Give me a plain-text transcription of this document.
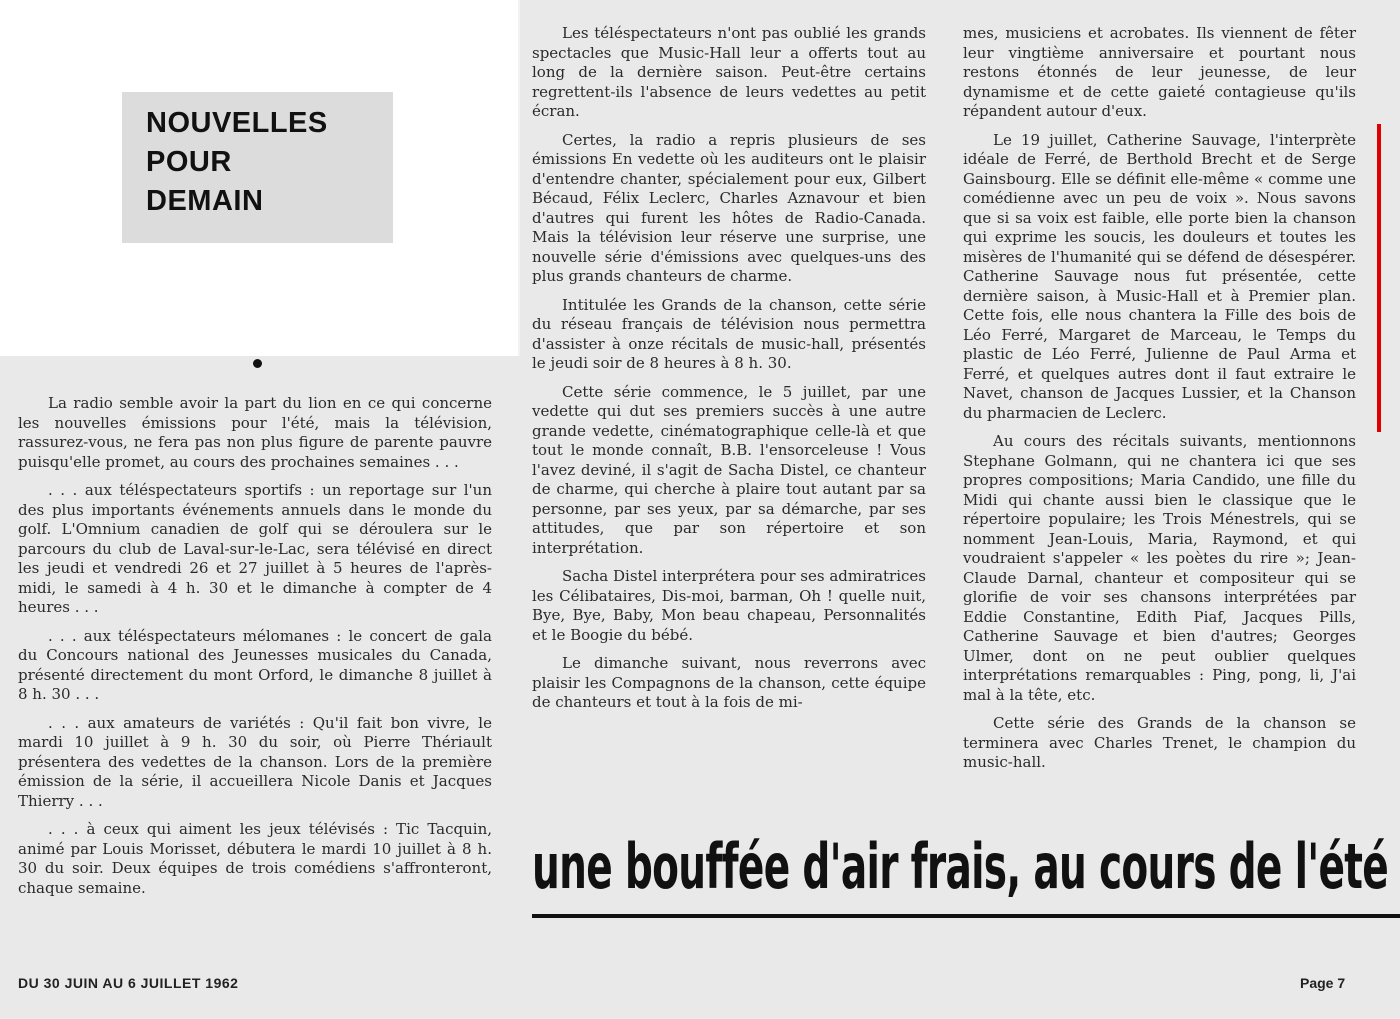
NOUVELLES
POUR
DEMAIN

La radio semble avoir la part du lion en ce qui concerne les nouvelles émissions pour l'été, mais la télévision, rassurez-vous, ne fera pas non plus figure de parente pauvre puisqu'elle promet, au cours des prochaines semaines . . .

. . . aux téléspectateurs sportifs : un reportage sur l'un des plus importants événements annuels dans le monde du golf. L'Omnium canadien de golf qui se déroulera sur le parcours du club de Laval-sur-le-Lac, sera télévisé en direct les jeudi et vendredi 26 et 27 juillet à 5 heures de l'après-midi, le samedi à 4 h. 30 et le dimanche à compter de 4 heures . . .

. . . aux téléspectateurs mélomanes : le concert de gala du Concours national des Jeunesses musicales du Canada, présenté directement du mont Orford, le dimanche 8 juillet à 8 h. 30 . . .

. . . aux amateurs de variétés : Qu'il fait bon vivre, le mardi 10 juillet à 9 h. 30 du soir, où Pierre Thériault présentera des vedettes de la chanson. Lors de la première émission de la série, il accueillera Nicole Danis et Jacques Thierry . . .

. . . à ceux qui aiment les jeux télévisés : Tic Tacquin, animé par Louis Morisset, débutera le mardi 10 juillet à 8 h. 30 du soir. Deux équipes de trois comédiens s'affronteront, chaque semaine.

Les téléspectateurs n'ont pas oublié les grands spectacles que Music-Hall leur a offerts tout au long de la dernière saison. Peut-être certains regrettent-ils l'absence de leurs vedettes au petit écran.

Certes, la radio a repris plusieurs de ses émissions En vedette où les auditeurs ont le plaisir d'entendre chanter, spécialement pour eux, Gilbert Bécaud, Félix Leclerc, Charles Aznavour et bien d'autres qui furent les hôtes de Radio-Canada. Mais la télévision leur réserve une surprise, une nouvelle série d'émissions avec quelques-uns des plus grands chanteurs de charme.

Intitulée les Grands de la chanson, cette série du réseau français de télévision nous permettra d'assister à onze récitals de music-hall, présentés le jeudi soir de 8 heures à 8 h. 30.

Cette série commence, le 5 juillet, par une vedette qui dut ses premiers succès à une autre grande vedette, cinématographique celle-là et que tout le monde connaît, B.B. l'ensorceleuse ! Vous l'avez deviné, il s'agit de Sacha Distel, ce chanteur de charme, qui cherche à plaire tout autant par sa personne, par ses yeux, par sa démarche, par ses attitudes, que par son répertoire et son interprétation.

Sacha Distel interprétera pour ses admiratrices les Célibataires, Dis-moi, barman, Oh ! quelle nuit, Bye, Bye, Baby, Mon beau chapeau, Personnalités et le Boogie du bébé.

Le dimanche suivant, nous reverrons avec plaisir les Compagnons de la chanson, cette équipe de chanteurs et tout à la fois de mi-

mes, musiciens et acrobates. Ils viennent de fêter leur vingtième anniversaire et pourtant nous restons étonnés de leur jeunesse, de leur dynamisme et de cette gaieté contagieuse qu'ils répandent autour d'eux.

Le 19 juillet, Catherine Sauvage, l'interprète idéale de Ferré, de Berthold Brecht et de Serge Gainsbourg. Elle se définit elle-même « comme une comédienne avec un peu de voix ». Nous savons que si sa voix est faible, elle porte bien la chanson qui exprime les soucis, les douleurs et toutes les misères de l'humanité qui se défend de désespérer. Catherine Sauvage nous fut présentée, cette dernière saison, à Music-Hall et à Premier plan. Cette fois, elle nous chantera la Fille des bois de Léo Ferré, Margaret de Marceau, le Temps du plastic de Léo Ferré, Julienne de Paul Arma et Ferré, et quelques autres dont il faut extraire le Navet, chanson de Jacques Lussier, et la Chanson du pharmacien de Leclerc.

Au cours des récitals suivants, mentionnons Stephane Golmann, qui ne chantera ici que ses propres compositions; Maria Candido, une fille du Midi qui chante aussi bien le classique que le répertoire populaire; les Trois Ménestrels, qui se nomment Jean-Louis, Maria, Raymond, et qui voudraient s'appeler « les poètes du rire »; Jean-Claude Darnal, chanteur et compositeur qui se glorifie de voir ses chansons interprétées par Eddie Constantine, Edith Piaf, Jacques Pills, Catherine Sauvage et bien d'autres; Georges Ulmer, dont on ne peut oublier quelques interprétations remarquables : Ping, pong, li, J'ai mal à la tête, etc.

Cette série des Grands de la chanson se terminera avec Charles Trenet, le champion du music-hall.

une bouffée d'air frais, au cours de l'été
DU 30 JUIN AU 6 JUILLET 1962	Page 7
